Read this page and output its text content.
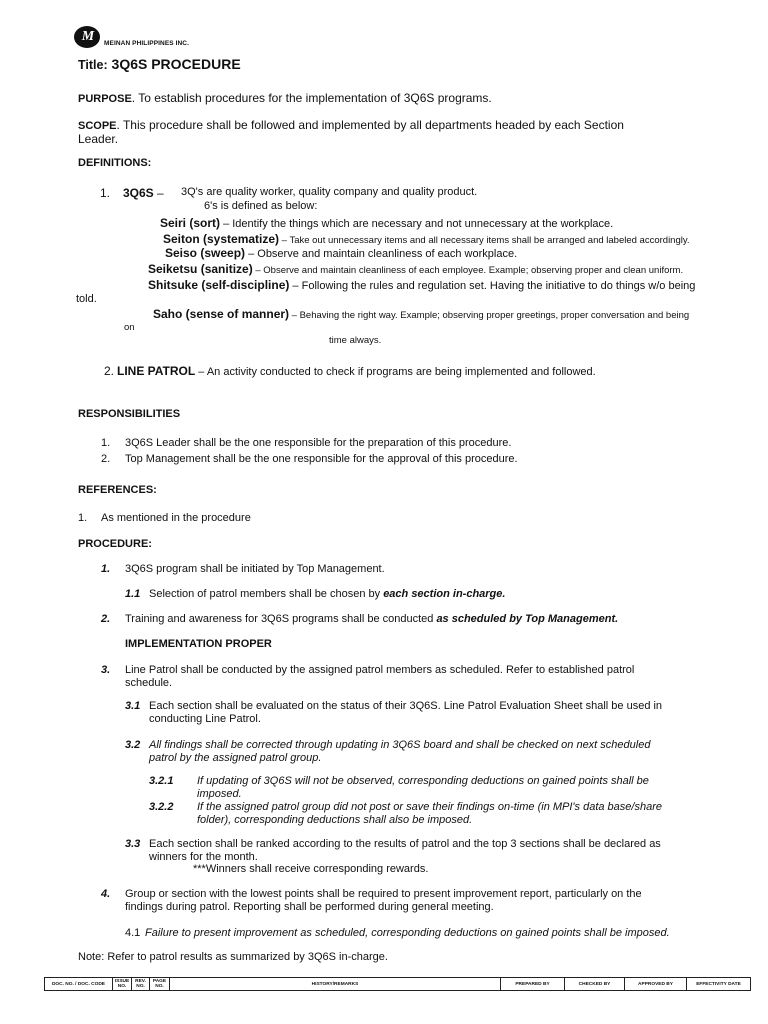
M	MEINAN PHILIPPINES INC.
Title: 3Q6S PROCEDURE
PURPOSE. To establish procedures for the implementation of 3Q6S programs.
SCOPE. This procedure shall be followed and implemented by all departments headed by each Section
Leader.
DEFINITIONS:
1. 3Q6S – 3Q's are quality worker, quality company and quality product.
6's is defined as below:
Seiri (sort) – Identify the things which are necessary and not unnecessary at the workplace.
Seiton (systematize) – Take out unnecessary items and all necessary items shall be arranged and labeled accordingly.
Seiso (sweep) – Observe and maintain cleanliness of each workplace.
Seiketsu (sanitize) – Observe and maintain cleanliness of each employee. Example; observing proper and clean uniform.
Shitsuke (self-discipline) – Following the rules and regulation set. Having the initiative to do things w/o being
told.
Saho (sense of manner) – Behaving the right way. Example; observing proper greetings, proper conversation and being
on
time always.
2. LINE PATROL – An activity conducted to check if programs are being implemented and followed.
RESPONSIBILITIES
1. 3Q6S Leader shall be the one responsible for the preparation of this procedure.
2. Top Management shall be the one responsible for the approval of this procedure.
REFERENCES:
1. As mentioned in the procedure
PROCEDURE:
1. 3Q6S program shall be initiated by Top Management.
1.1 Selection of patrol members shall be chosen by each section in-charge.
2. Training and awareness for 3Q6S programs shall be conducted as scheduled by Top Management.
IMPLEMENTATION PROPER
3. Line Patrol shall be conducted by the assigned patrol members as scheduled. Refer to established patrol
schedule.
3.1 Each section shall be evaluated on the status of their 3Q6S. Line Patrol Evaluation Sheet shall be used in
conducting Line Patrol.
3.2 All findings shall be corrected through updating in 3Q6S board and shall be checked on next scheduled
patrol by the assigned patrol group.
3.2.1 If updating of 3Q6S will not be observed, corresponding deductions on gained points shall be
imposed.
3.2.2 If the assigned patrol group did not post or save their findings on-time (in MPI's data base/share
folder), corresponding deductions shall also be imposed.
3.3 Each section shall be ranked according to the results of patrol and the top 3 sections shall be declared as
winners for the month.
***Winners shall receive corresponding rewards.
4. Group or section with the lowest points shall be required to present improvement report, particularly on the
findings during patrol. Reporting shall be performed during general meeting.
4.1 Failure to present improvement as scheduled, corresponding deductions on gained points shall be imposed.
Note: Refer to patrol results as summarized by 3Q6S in-charge.
DOC. NO. / DOC. CODE	ISSUE NO.	REV. NO.	PAGE NO.	HISTORY/REMARKS	PREPARED BY	CHECKED BY	APPROVED BY	EFFECTIVITY DATE
